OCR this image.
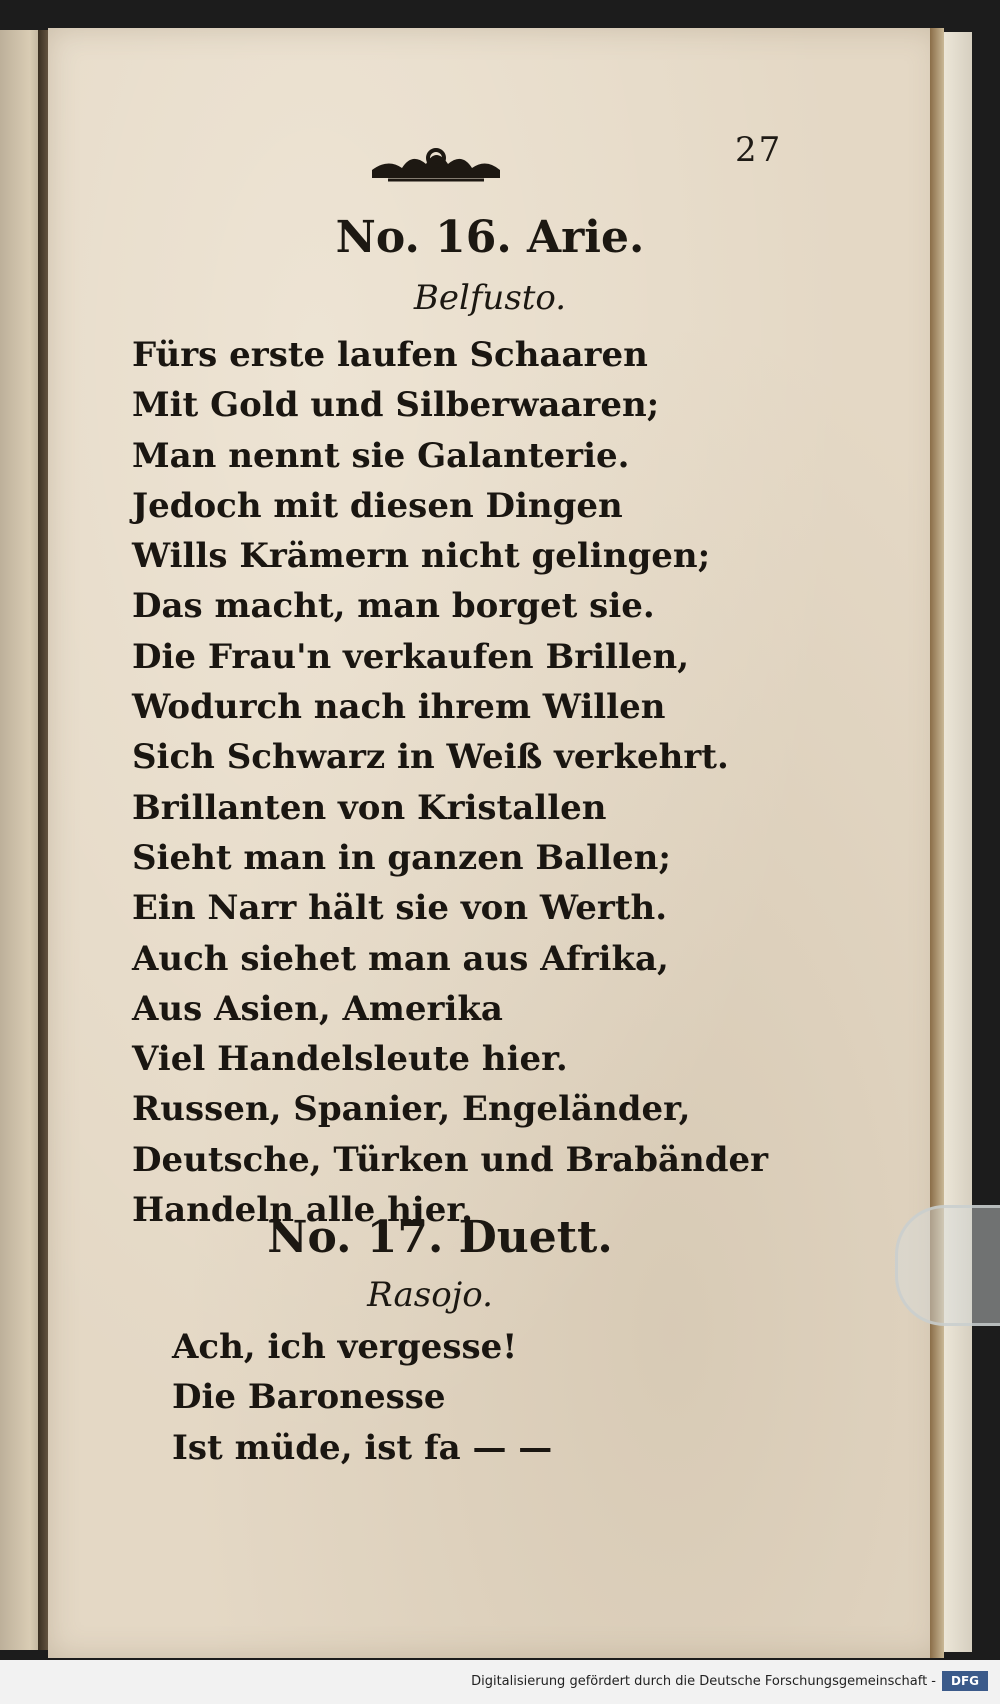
27
No. 16. Arie.
Belfusto.
Fürs erste laufen Schaaren
Mit Gold und Silberwaaren;
Man nennt sie Galanterie.
Jedoch mit diesen Dingen
Wills Krämern nicht gelingen;
Das macht, man borget sie.
Die Frau'n verkaufen Brillen,
Wodurch nach ihrem Willen
Sich Schwarz in Weiß verkehrt.
Brillanten von Kristallen
Sieht man in ganzen Ballen;
Ein Narr hält sie von Werth.
Auch siehet man aus Afrika,
Aus Asien, Amerika
Viel Handelsleute hier.
Russen, Spanier, Engeländer,
Deutsche, Türken und Brabänder
Handeln alle hier.
No. 17. Duett.
Rasojo.
Ach, ich vergesse!
Die Baronesse
Ist müde, ist fa — —
Digitalisierung gefördert durch die Deutsche Forschungsgemeinschaft -	DFG
